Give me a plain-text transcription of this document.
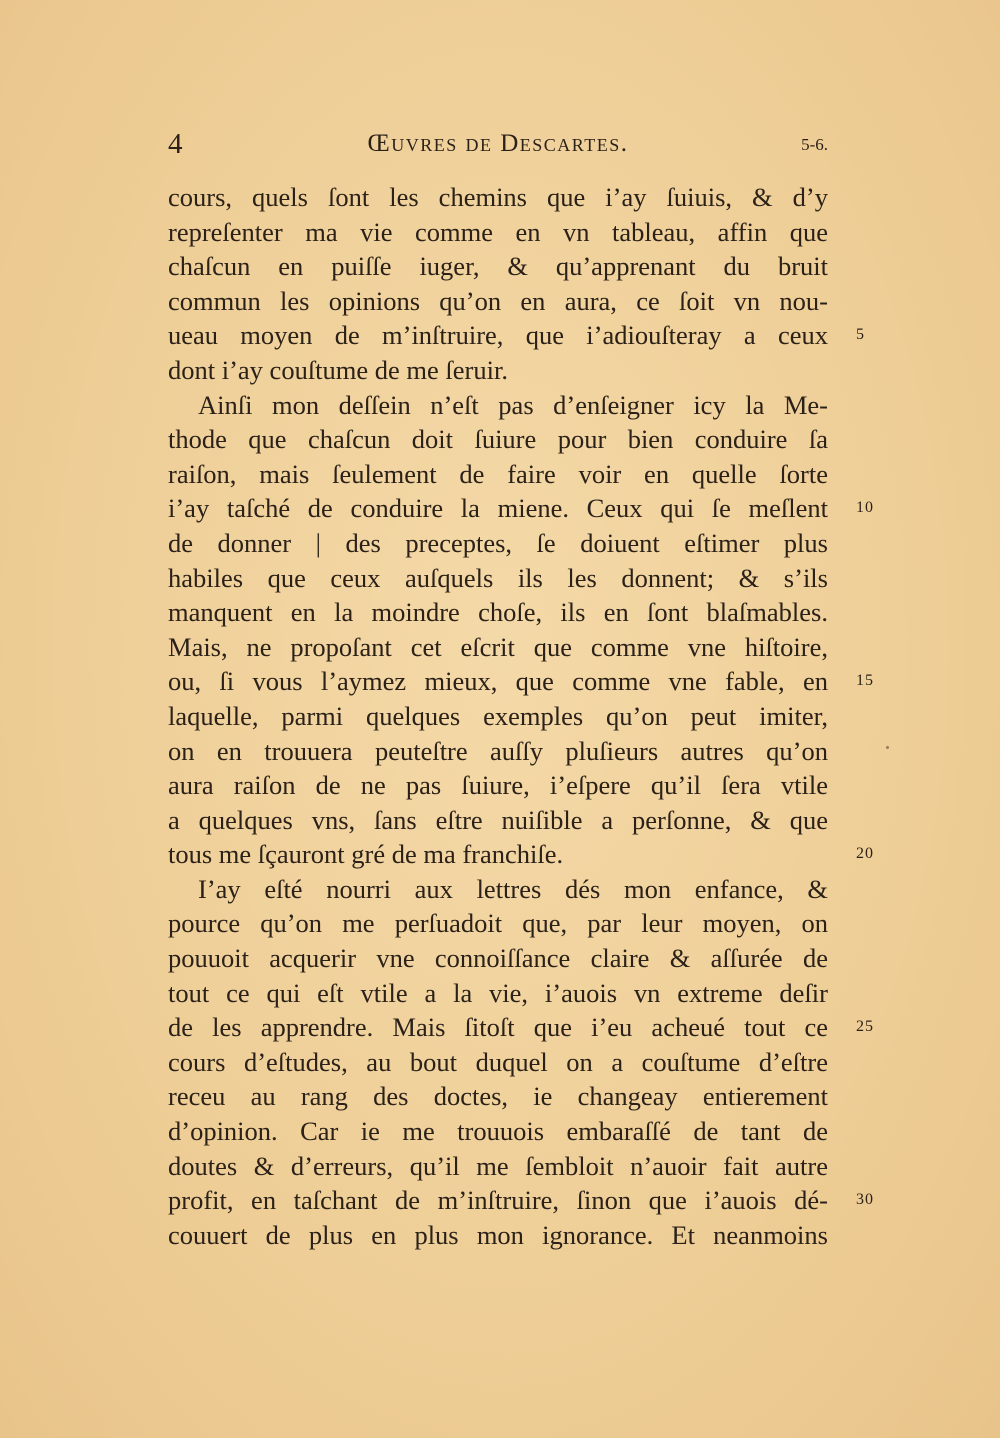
4	Œuvres de Descartes.	5-6.
cours, quels ſont les chemins que i’ay ſuiuis, & d’y
repreſenter ma vie comme en vn tableau, affin que
chaſcun en puiſſe iuger, & qu’apprenant du bruit
commun les opinions qu’on en aura, ce ſoit vn nou-
ueau moyen de m’inſtruire, que i’adiouſteray a ceux 5
dont i’ay couſtume de me ſeruir.
Ainſi mon deſſein n’eſt pas d’enſeigner icy la Me-
thode que chaſcun doit ſuiure pour bien conduire ſa
raiſon, mais ſeulement de faire voir en quelle ſorte
i’ay taſché de conduire la miene. Ceux qui ſe meſlent 10
de donner | des preceptes, ſe doiuent eſtimer plus
habiles que ceux auſquels ils les donnent; & s’ils
manquent en la moindre choſe, ils en ſont blaſmables.
Mais, ne propoſant cet eſcrit que comme vne hiſtoire,
ou, ſi vous l’aymez mieux, que comme vne fable, en 15
laquelle, parmi quelques exemples qu’on peut imiter,
on en trouuera peuteſtre auſſy pluſieurs autres qu’on
aura raiſon de ne pas ſuiure, i’eſpere qu’il ſera vtile
a quelques vns, ſans eſtre nuiſible a perſonne, & que
tous me ſçauront gré de ma franchiſe.	20
I’ay eſté nourri aux lettres dés mon enfance, &
pource qu’on me perſuadoit que, par leur moyen, on
pouuoit acquerir vne connoiſſance claire & aſſurée de
tout ce qui eſt vtile a la vie, i’auois vn extreme deſir
de les apprendre. Mais ſitoſt que i’eu acheué tout ce 25
cours d’eſtudes, au bout duquel on a couſtume d’eſtre
receu au rang des doctes, ie changeay entierement
d’opinion. Car ie me trouuois embaraſſé de tant de
doutes & d’erreurs, qu’il me ſembloit n’auoir fait autre
profit, en taſchant de m’inſtruire, ſinon que i’auois dé- 30
couuert de plus en plus mon ignorance. Et neanmoins
